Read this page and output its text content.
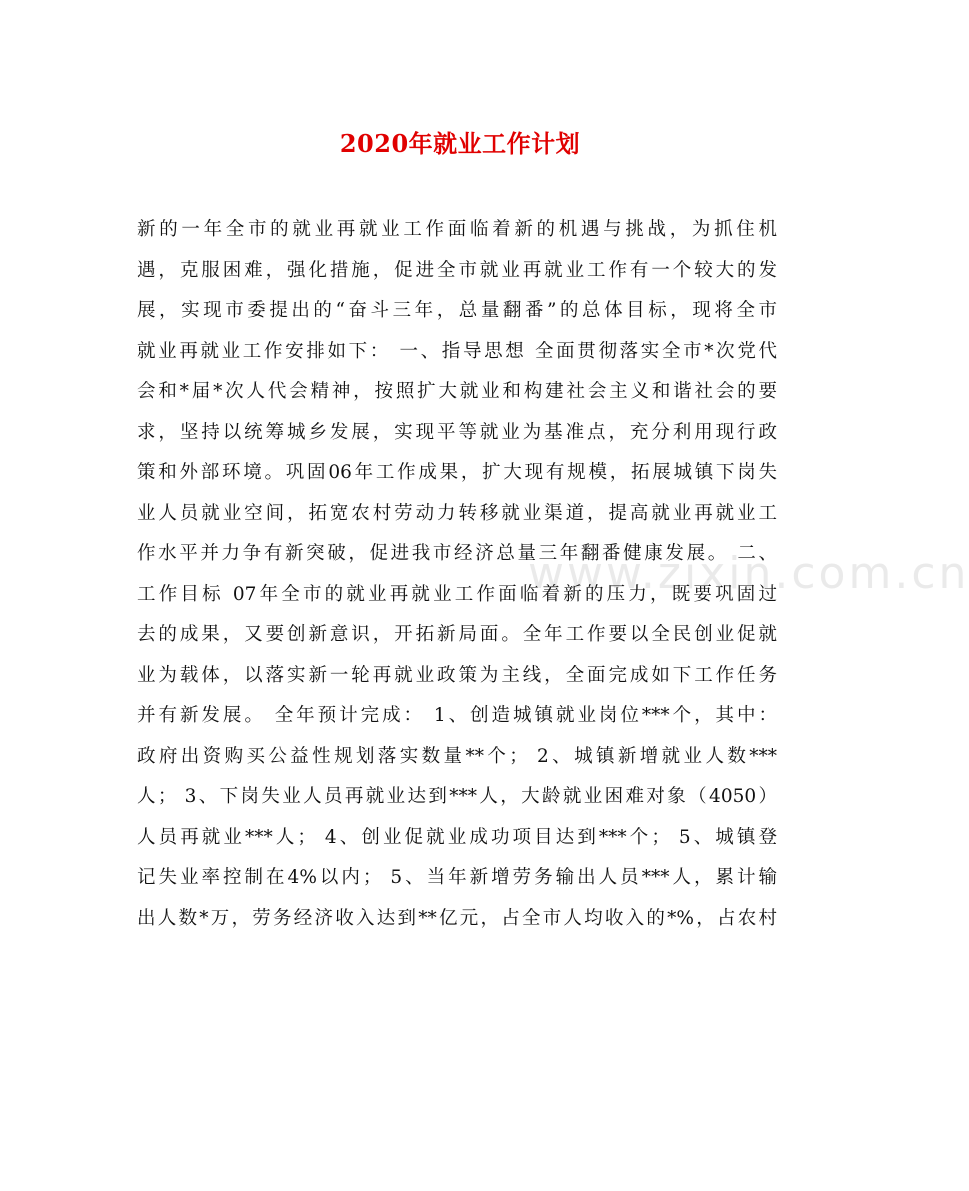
2020年就业工作计划
www.zixin.com.cn
新的一年全市的就业再就业工作面临着新的机遇与挑战，为抓住机
遇，克服困难，强化措施，促进全市就业再就业工作有一个较大的发
展，实现市委提出的“奋斗三年，总量翻番”的总体目标，现将全市
就业再就业工作安排如下： 一、指导思想 全面贯彻落实全市*次党代
会和*届*次人代会精神，按照扩大就业和构建社会主义和谐社会的要
求，坚持以统筹城乡发展，实现平等就业为基准点，充分利用现行政
策和外部环境。巩固06年工作成果，扩大现有规模，拓展城镇下岗失
业人员就业空间，拓宽农村劳动力转移就业渠道，提高就业再就业工
作水平并力争有新突破，促进我市经济总量三年翻番健康发展。 二、
工作目标 07年全市的就业再就业工作面临着新的压力，既要巩固过
去的成果，又要创新意识，开拓新局面。全年工作要以全民创业促就
业为载体，以落实新一轮再就业政策为主线，全面完成如下工作任务
并有新发展。 全年预计完成： 1、创造城镇就业岗位***个，其中：
政府出资购买公益性规划落实数量**个； 2、城镇新增就业人数***
人； 3、下岗失业人员再就业达到***人，大龄就业困难对象（4050）
人员再就业***人； 4、创业促就业成功项目达到***个； 5、城镇登
记失业率控制在4%以内； 5、当年新增劳务输出人员***人，累计输
出人数*万，劳务经济收入达到**亿元，占全市人均收入的*%，占农村
